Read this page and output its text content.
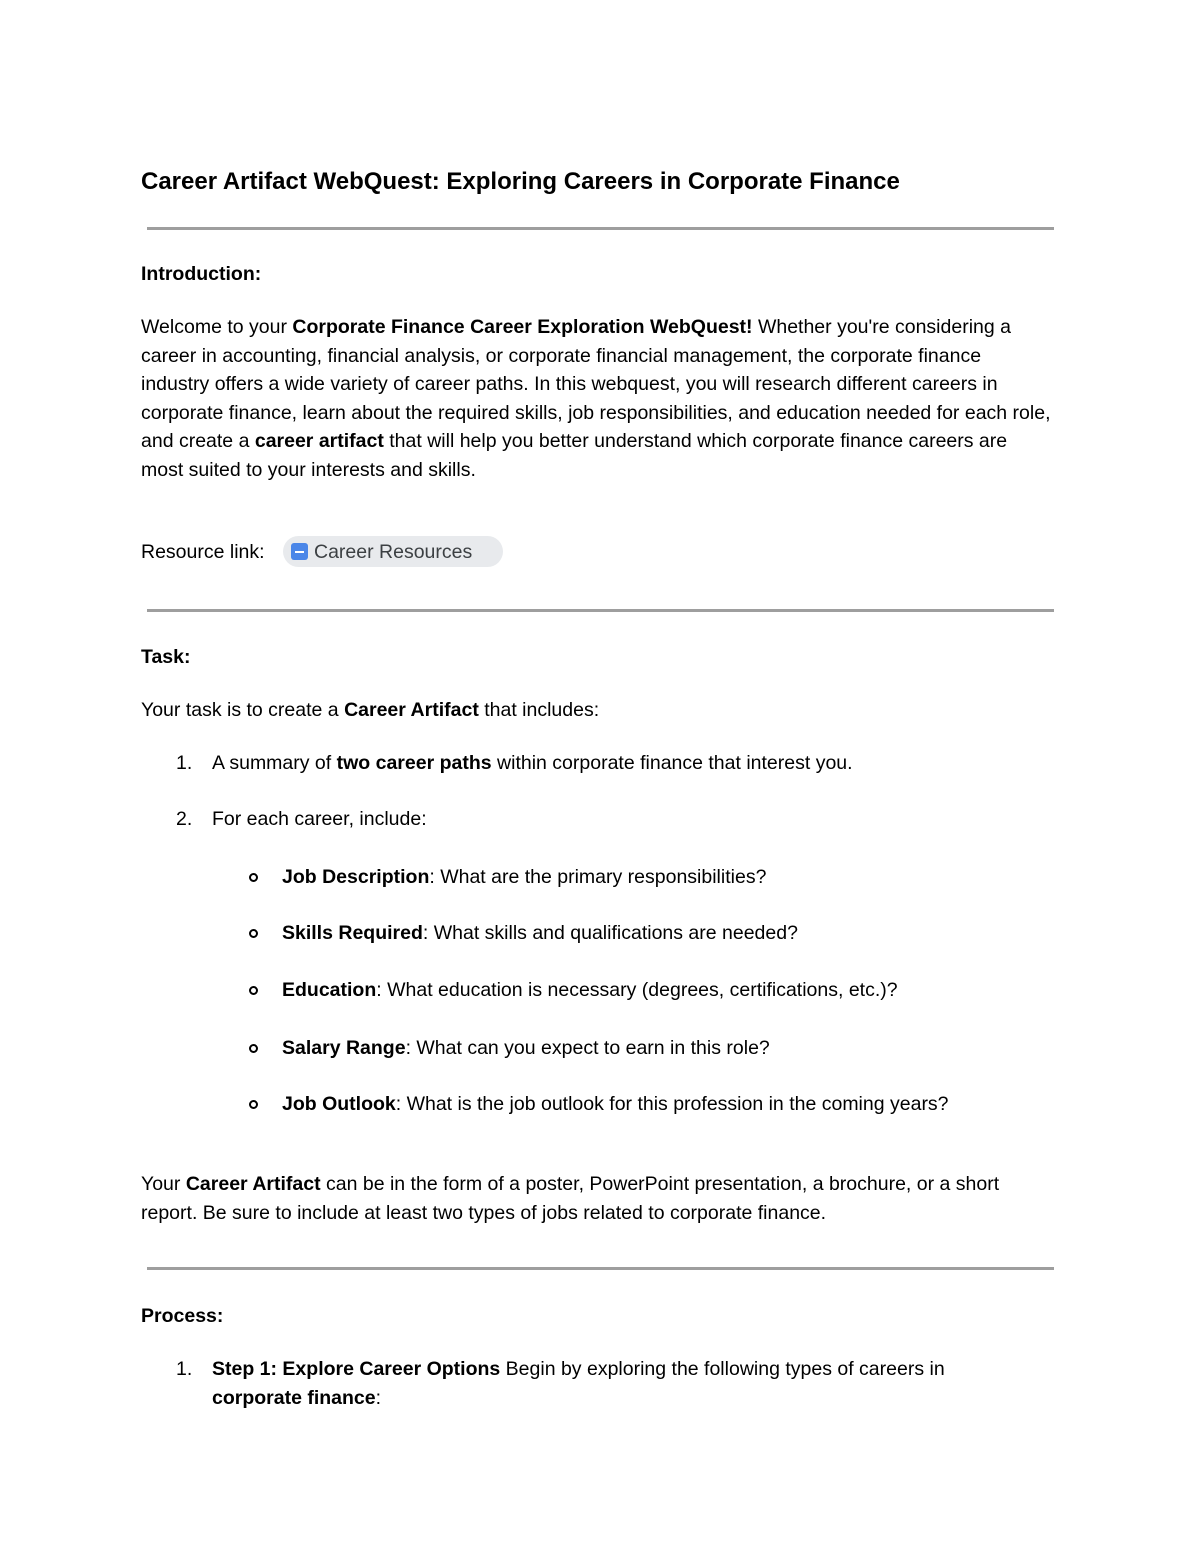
Career Artifact WebQuest: Exploring Careers in Corporate Finance
Introduction:
Welcome to your Corporate Finance Career Exploration WebQuest! Whether you're considering a career in accounting, financial analysis, or corporate financial management, the corporate finance industry offers a wide variety of career paths. In this webquest, you will research different careers in corporate finance, learn about the required skills, job responsibilities, and education needed for each role, and create a career artifact that will help you better understand which corporate finance careers are most suited to your interests and skills.
Resource link:	Career Resources
Task:
Your task is to create a Career Artifact that includes:
1. A summary of two career paths within corporate finance that interest you.
2. For each career, include:
Job Description: What are the primary responsibilities?
Skills Required: What skills and qualifications are needed?
Education: What education is necessary (degrees, certifications, etc.)?
Salary Range: What can you expect to earn in this role?
Job Outlook: What is the job outlook for this profession in the coming years?
Your Career Artifact can be in the form of a poster, PowerPoint presentation, a brochure, or a short report. Be sure to include at least two types of jobs related to corporate finance.
Process:
1. Step 1: Explore Career Options Begin by exploring the following types of careers in
corporate finance:
